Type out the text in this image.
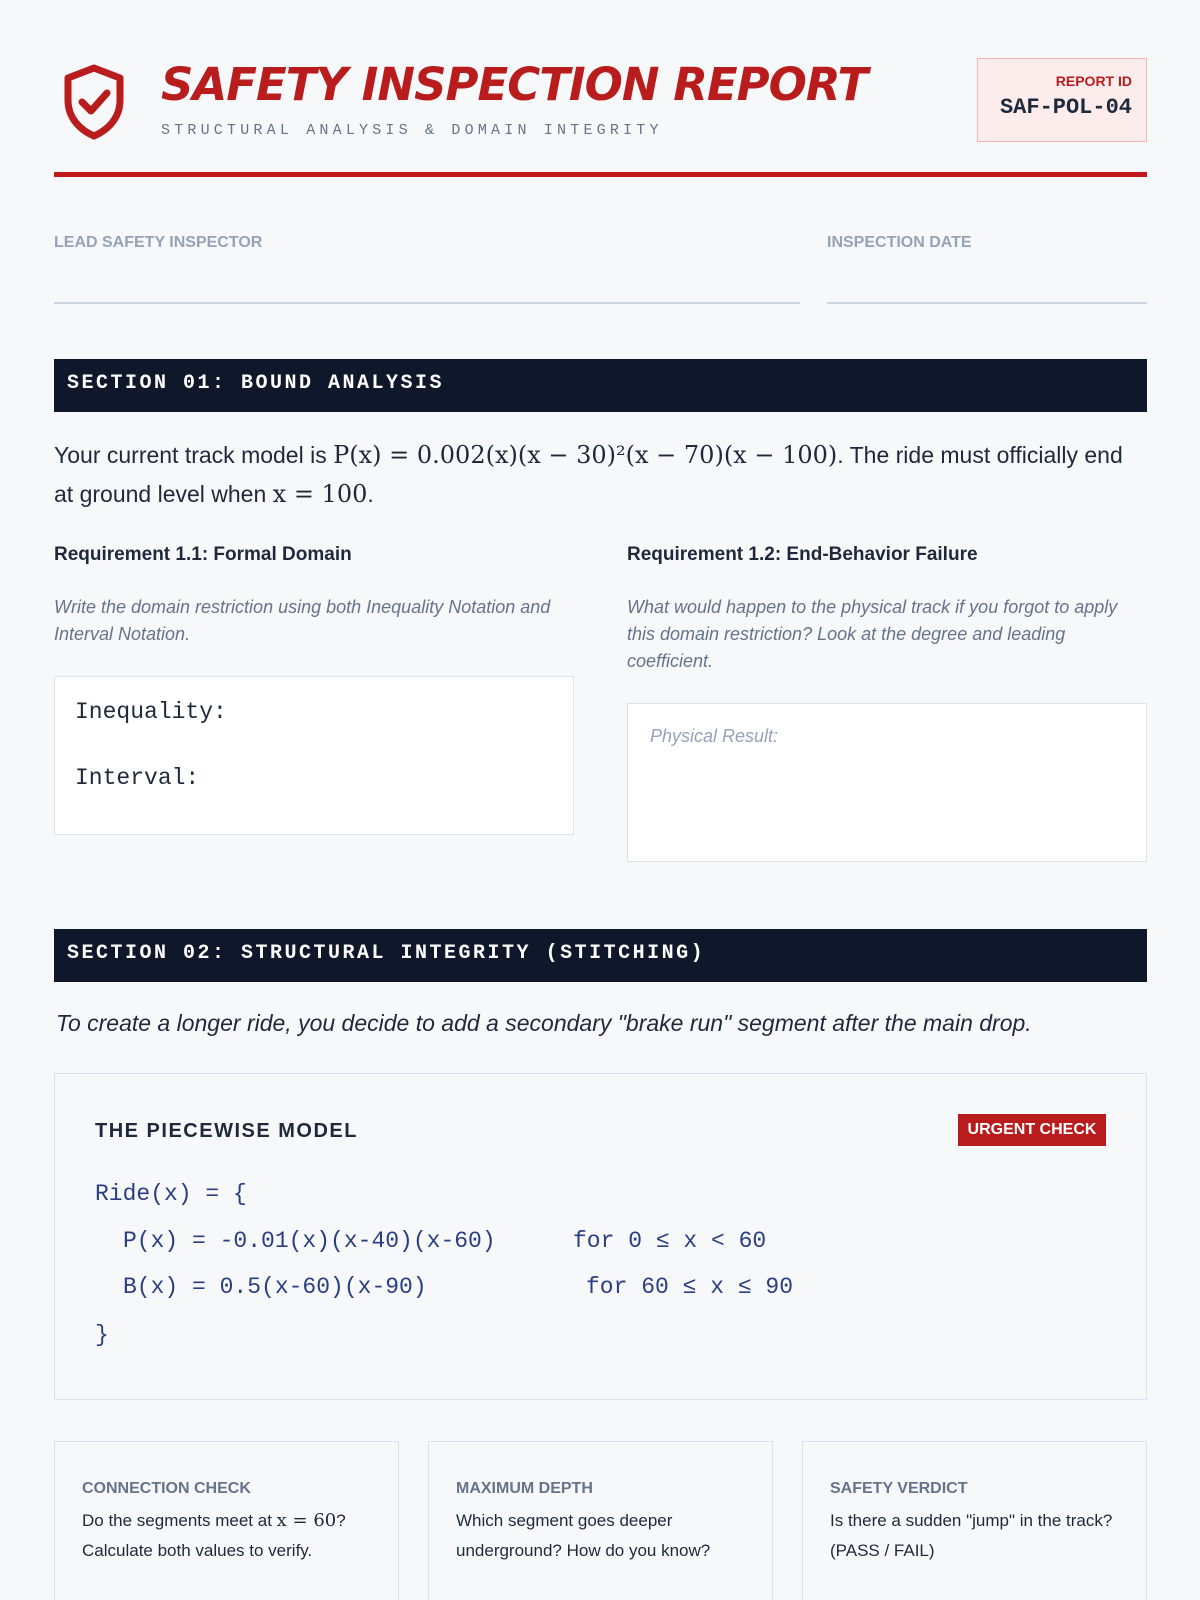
SAFETY INSPECTION REPORT
STRUCTURAL ANALYSIS & DOMAIN INTEGRITY
REPORT ID
SAF-POL-04
LEAD SAFETY INSPECTOR	INSPECTION DATE
SECTION 01: BOUND ANALYSIS
Your current track model is P(x) = 0.002(x)(x − 30)²(x − 70)(x − 100). The ride must officially end at ground level when x = 100.
Requirement 1.1: Formal Domain
Write the domain restriction using both Inequality Notation and Interval Notation.
Inequality:
Interval:
Requirement 1.2: End-Behavior Failure
What would happen to the physical track if you forgot to apply this domain restriction? Look at the degree and leading coefficient.
Physical Result:
SECTION 02: STRUCTURAL INTEGRITY (STITCHING)
To create a longer ride, you decide to add a secondary "brake run" segment after the main drop.
THE PIECEWISE MODEL	URGENT CHECK
Ride(x) = {
P(x) = -0.01(x)(x-40)(x-60)	for 0 ≤ x < 60
B(x) = 0.5(x-60)(x-90)	for 60 ≤ x ≤ 90
}
CONNECTION CHECK
Do the segments meet at x = 60? Calculate both values to verify.
MAXIMUM DEPTH
Which segment goes deeper underground? How do you know?
SAFETY VERDICT
Is there a sudden "jump" in the track? (PASS / FAIL)
